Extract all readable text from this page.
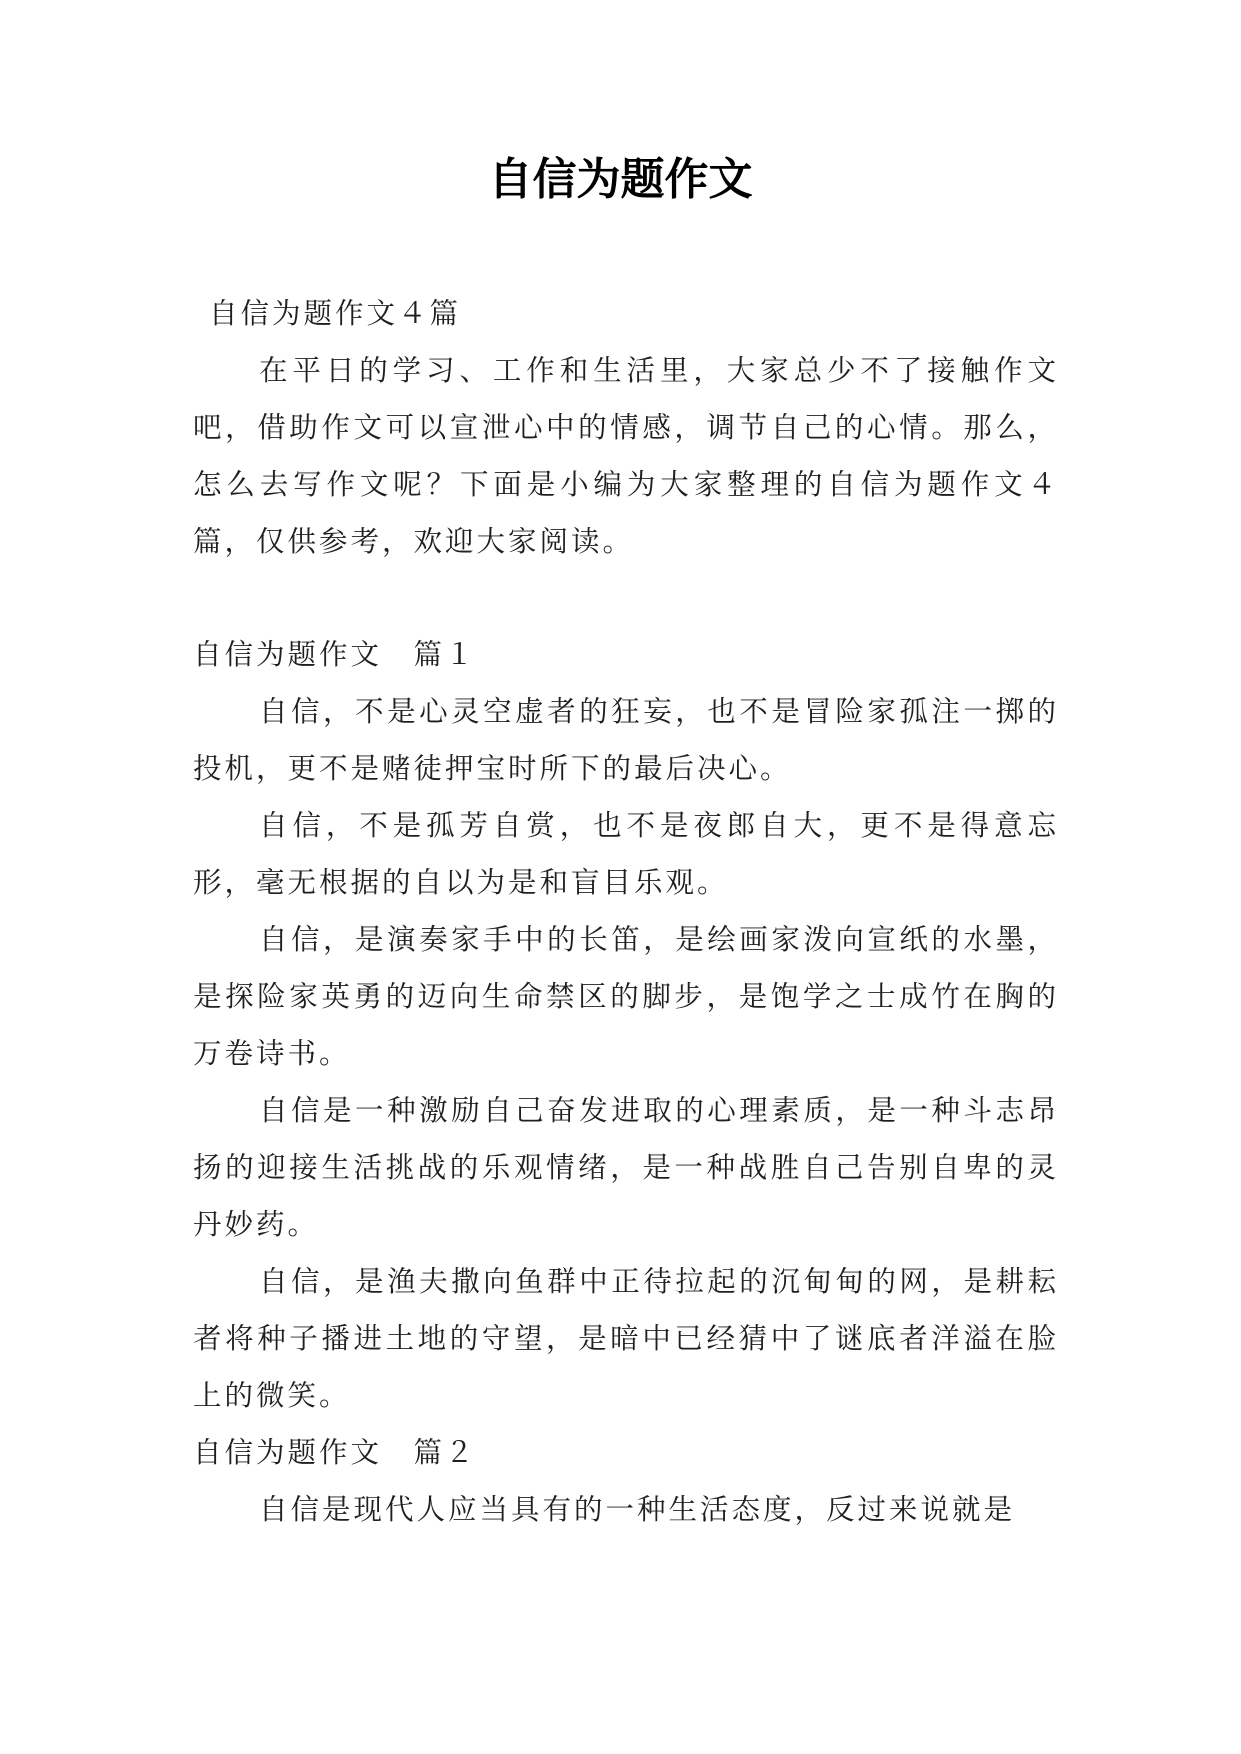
自信为题作文

自信为题作文４篇

在平日的学习、工作和生活里，大家总少不了接触作文吧，借助作文可以宣泄心中的情感，调节自己的心情。那么，怎么去写作文呢？下面是小编为大家整理的自信为题作文４篇，仅供参考，欢迎大家阅读。

自信为题作文　篇１

自信，不是心灵空虚者的狂妄，也不是冒险家孤注一掷的投机，更不是赌徒押宝时所下的最后决心。

自信，不是孤芳自赏，也不是夜郎自大，更不是得意忘形，毫无根据的自以为是和盲目乐观。

自信，是演奏家手中的长笛，是绘画家泼向宣纸的水墨，是探险家英勇的迈向生命禁区的脚步，是饱学之士成竹在胸的万卷诗书。

自信是一种激励自己奋发进取的心理素质，是一种斗志昂扬的迎接生活挑战的乐观情绪，是一种战胜自己告别自卑的灵丹妙药。

自信，是渔夫撒向鱼群中正待拉起的沉甸甸的网，是耕耘者将种子播进土地的守望，是暗中已经猜中了谜底者洋溢在脸上的微笑。

自信为题作文　篇２

自信是现代人应当具有的一种生活态度，反过来说就是
